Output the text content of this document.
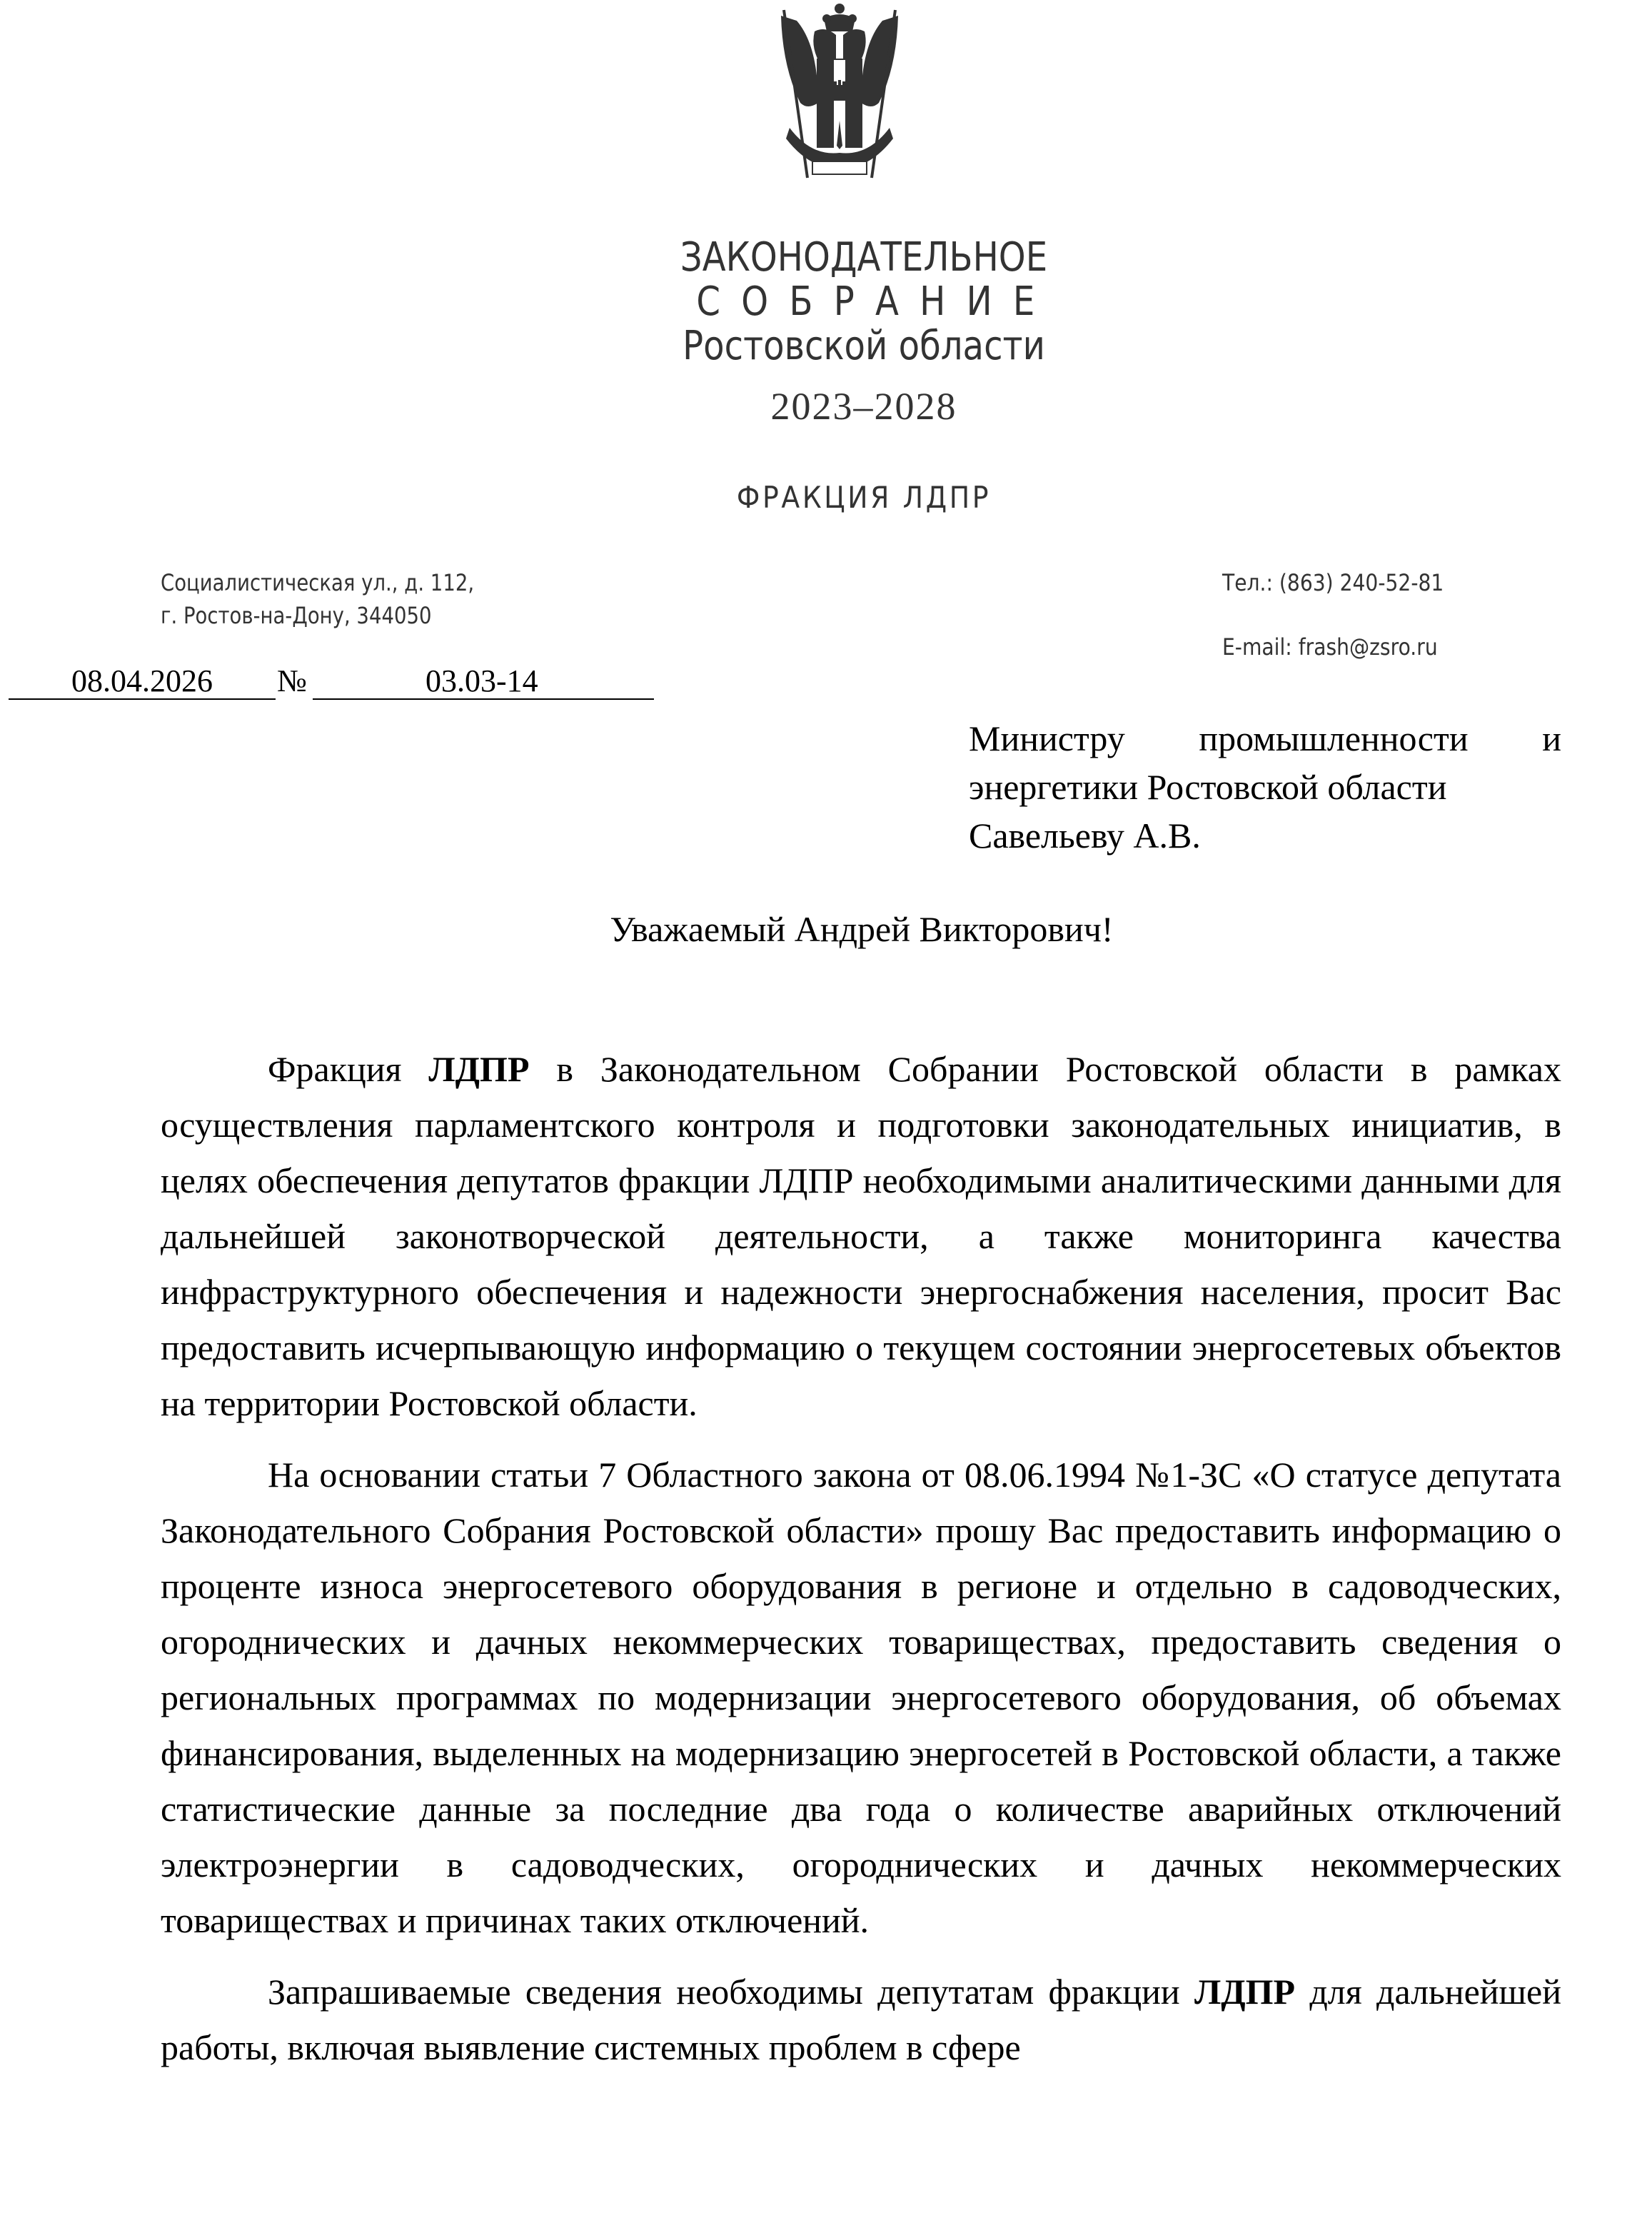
ЗАКОНОДАТЕЛЬНОЕ
СОБРАНИЕ
Ростовской области
2023–2028
ФРАКЦИЯ ЛДПР
Социалистическая ул., д. 112,
г. Ростов-на-Дону, 344050
Тел.: (863) 240-52-81
E-mail: frash@zsro.ru
08.04.2026	№	03.03-14
Министру промышленности и
энергетики Ростовской области
Савельеву А.В.
Уважаемый Андрей Викторович!

Фракция ЛДПР в Законодательном Собрании Ростовской области в рамках осуществления парламентского контроля и подготовки законодательных инициатив, в целях обеспечения депутатов фракции ЛДПР необходимыми аналитическими данными для дальнейшей законотворческой деятельности, а также мониторинга качества инфраструктурного обеспечения и надежности энергоснабжения населения, просит Вас предоставить исчерпывающую информацию о текущем состоянии энергосетевых объектов на территории Ростовской области.

На основании статьи 7 Областного закона от 08.06.1994 №1-ЗС «О статусе депутата Законодательного Собрания Ростовской области» прошу Вас предоставить информацию о проценте износа энергосетевого оборудования в регионе и отдельно в садоводческих, огороднических и дачных некоммерческих товариществах, предоставить сведения о региональных программах по модернизации энергосетевого оборудования, об объемах финансирования, выделенных на модернизацию энергосетей в Ростовской области, а также статистические данные за последние два года о количестве аварийных отключений электроэнергии в садоводческих, огороднических и дачных некоммерческих товариществах и причинах таких отключений.

Запрашиваемые сведения необходимы депутатам фракции ЛДПР для дальнейшей работы, включая выявление системных проблем в сфере
